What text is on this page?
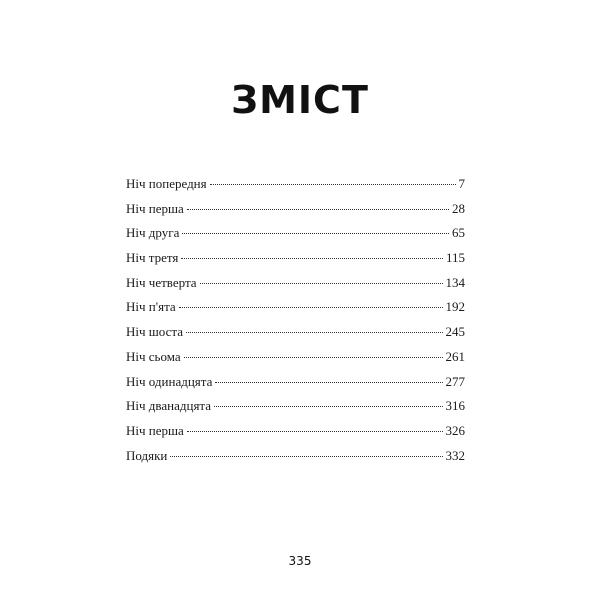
ЗМІСТ
Ніч попередня	7
Ніч перша	28
Ніч друга	65
Ніч третя	115
Ніч четверта	134
Ніч п'ята	192
Ніч шоста	245
Ніч сьома	261
Ніч одинадцята	277
Ніч дванадцята	316
Ніч перша	326
Подяки	332
335
